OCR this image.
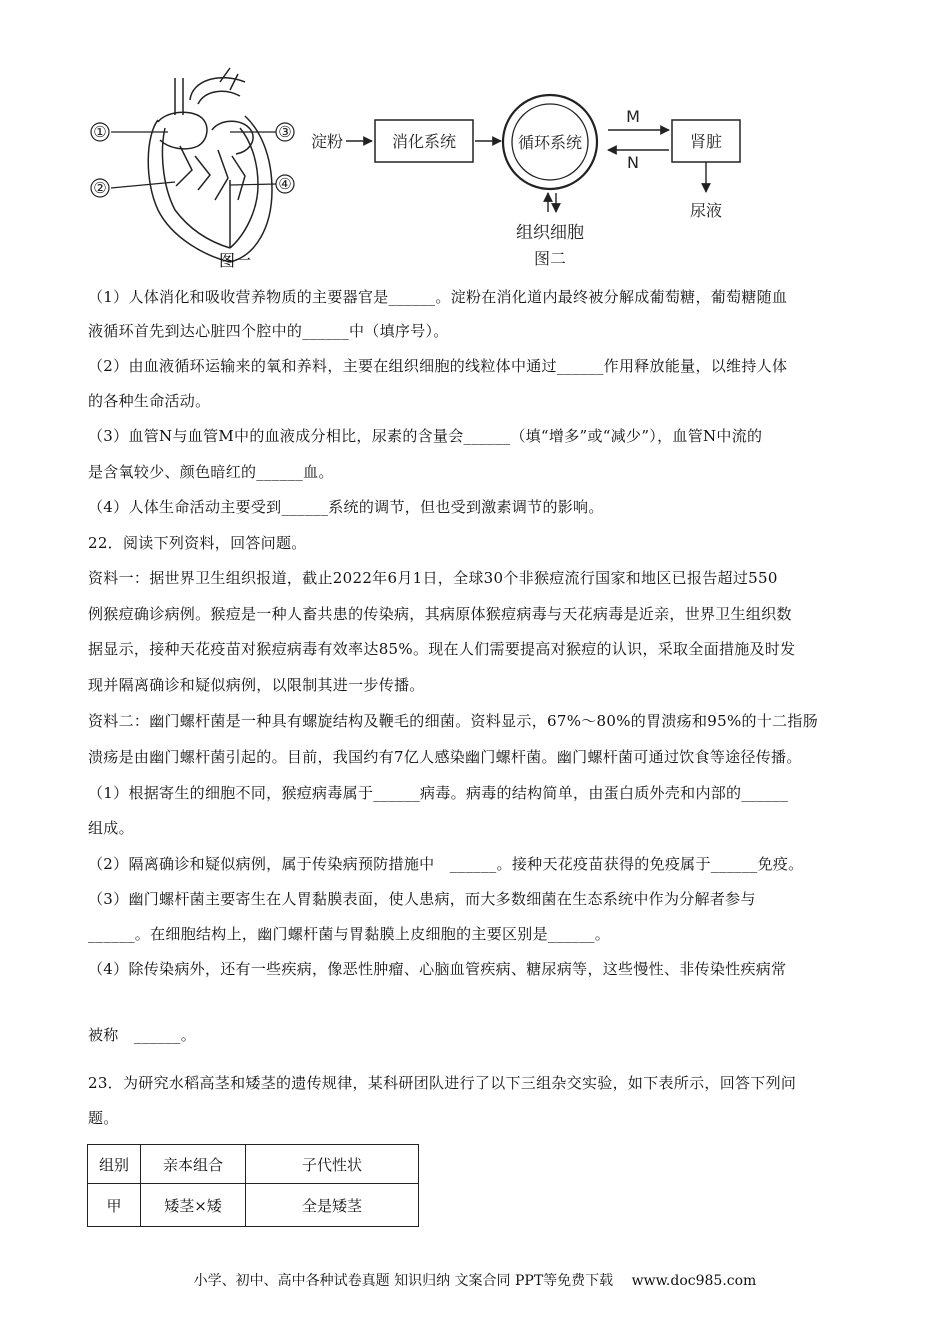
①
②
③
④
图一
淀粉	消化系统	循环系统
M
N
肾脏
尿液
组织细胞
图二
（1）人体消化和吸收营养物质的主要器官是______。淀粉在消化道内最终被分解成葡萄糖，葡萄糖随血
液循环首先到达心脏四个腔中的______中（填序号）。
（2）由血液循环运输来的氧和养料，主要在组织细胞的线粒体中通过______作用释放能量，以维持人体
的各种生命活动。
（3）血管N与血管M中的血液成分相比，尿素的含量会______（填“增多”或“减少”），血管N中流的
是含氧较少、颜色暗红的______血。
（4）人体生命活动主要受到______系统的调节，但也受到激素调节的影响。
22．阅读下列资料，回答问题。
资料一：据世界卫生组织报道，截止2022年6月1日，全球30个非猴痘流行国家和地区已报告超过550
例猴痘确诊病例。猴痘是一种人畜共患的传染病，其病原体猴痘病毒与天花病毒是近亲，世界卫生组织数
据显示，接种天花疫苗对猴痘病毒有效率达85%。现在人们需要提高对猴痘的认识，采取全面措施及时发
现并隔离确诊和疑似病例，以限制其进一步传播。
资料二：幽门螺杆菌是一种具有螺旋结构及鞭毛的细菌。资料显示，67%～80%的胃溃疡和95%的十二指肠
溃疡是由幽门螺杆菌引起的。目前，我国约有7亿人感染幽门螺杆菌。幽门螺杆菌可通过饮食等途径传播。
（1）根据寄生的细胞不同，猴痘病毒属于______病毒。病毒的结构简单，由蛋白质外壳和内部的______
组成。
（2）隔离确诊和疑似病例，属于传染病预防措施中　______。接种天花疫苗获得的免疫属于______免疫。
（3）幽门螺杆菌主要寄生在人胃黏膜表面，使人患病，而大多数细菌在生态系统中作为分解者参与
______。在细胞结构上，幽门螺杆菌与胃黏膜上皮细胞的主要区别是______。
（4）除传染病外，还有一些疾病，像恶性肿瘤、心脑血管疾病、糖尿病等，这些慢性、非传染性疾病常
被称　______。
23．为研究水稻高茎和矮茎的遗传规律，某科研团队进行了以下三组杂交实验，如下表所示，回答下列问
题。
组别	亲本组合	子代性状
甲	矮茎×矮	全是矮茎
小学、初中、高中各种试卷真题 知识归纳 文案合同 PPT等免费下载 www.doc985.com
